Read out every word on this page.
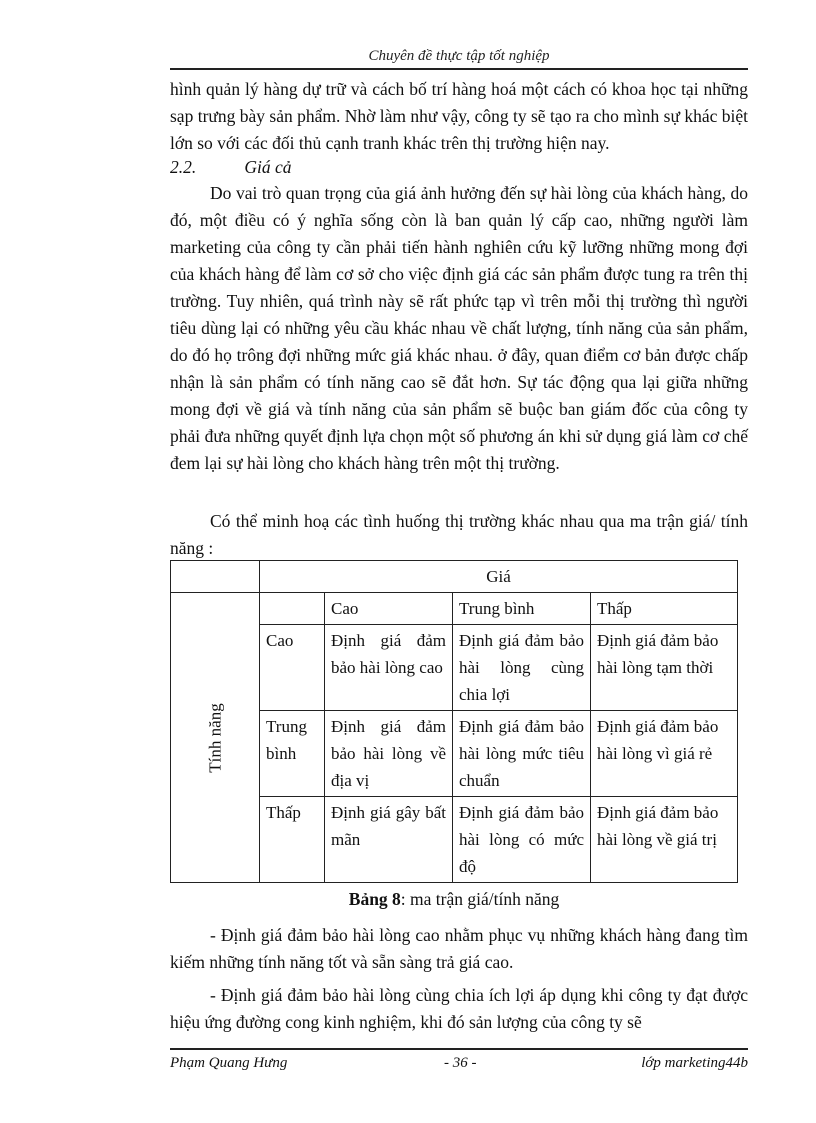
Chuyên đề thực tập tốt nghiệp
hình quản lý hàng dự trữ và cách bố trí hàng hoá một cách có khoa học tại những sạp trưng bày sản phẩm. Nhờ làm như vậy, công ty sẽ tạo ra cho mình sự khác biệt lớn so với các đối thủ cạnh tranh khác trên thị trường hiện nay.
2.2.	Giá cả
Do vai trò quan trọng của giá ảnh hưởng đến sự hài lòng của khách hàng, do đó, một điều có ý nghĩa sống còn là ban quản lý cấp cao, những người làm marketing của công ty cần phải tiến hành nghiên cứu kỹ lưỡng những mong đợi của khách hàng để làm cơ sở cho việc định giá các sản phẩm được tung ra trên thị trường. Tuy nhiên, quá trình này sẽ rất phức tạp vì trên mỗi thị trường thì người tiêu dùng lại có những yêu cầu khác nhau về chất lượng, tính năng của sản phẩm, do đó họ trông đợi những mức giá khác nhau. ở đây, quan điểm cơ bản được chấp nhận là sản phẩm có tính năng cao sẽ đắt hơn. Sự tác động qua lại giữa những mong đợi về giá và tính năng của sản phẩm sẽ buộc ban giám đốc của công ty phải đưa những quyết định lựa chọn một số phương án khi sử dụng giá làm cơ chế đem lại sự hài lòng cho khách hàng trên một thị trường.
Có thể minh hoạ các tình huống thị trường khác nhau qua ma trận giá/ tính năng :
	Giá			

Tính năng		Cao	Trung bình	Thấp
	Cao	Định giá đảm bảo hài lòng cao	Định giá đảm bảo hài lòng cùng chia lợi	Định giá đảm bảo hài lòng tạm thời
	Trung bình	Định giá đảm bảo hài lòng về địa vị	Định giá đảm bảo hài lòng mức tiêu chuẩn	Định giá đảm bảo hài lòng vì giá rẻ
	Thấp	Định giá gây bất mãn	Định giá đảm bảo hài lòng có mức độ	Định giá đảm bảo hài lòng về giá trị
Bảng 8: ma trận giá/tính năng
- Định giá đảm bảo hài lòng cao nhằm phục vụ những khách hàng đang tìm kiếm những tính năng tốt và sẵn sàng trả giá cao.
- Định giá đảm bảo hài lòng cùng chia ích lợi áp dụng khi công ty đạt được hiệu ứng đường cong kinh nghiệm, khi đó sản lượng của công ty sẽ
Phạm Quang Hưng	- 36 -	lớp marketing44b
